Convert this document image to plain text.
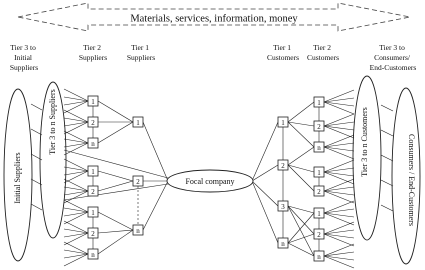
Materials, services, information, money
Tier 3 to Initial Suppliers
Tier 2 Suppliers
Tier 1 Suppliers
Tier 1 Customers
Tier 2 Customers
Tier 3 to Consumers/ End-Customers
Initial Suppliers
Tier 3 to n Suppliers	Tier 3 to n Customers	Consumers / End-Customers
Focal company
1
2
n
1
2
1
2
n
1
2
n
1
2
3
n
1
2
n
1
2
1
2
n
